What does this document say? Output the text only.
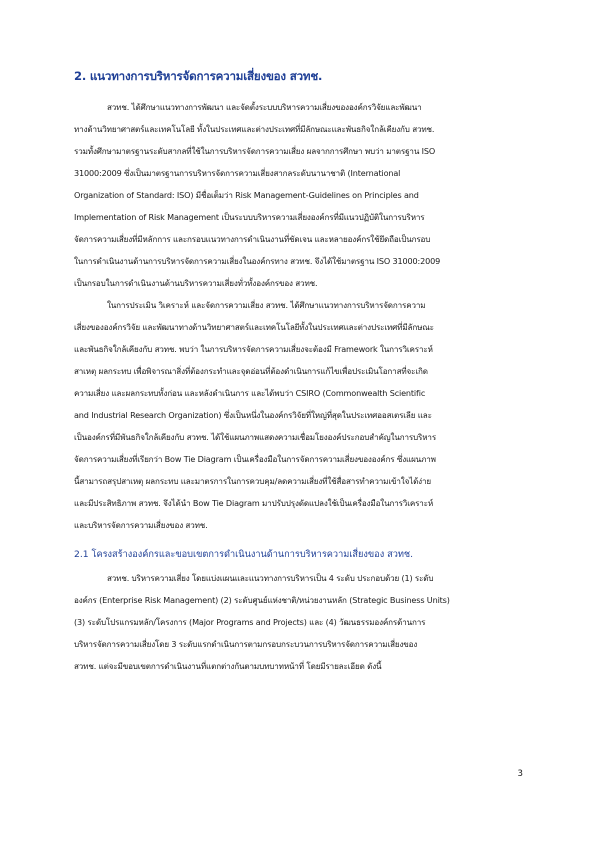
2. แนวทางการบริหารจัดการความเสี่ยงของ สวทช.
สวทช. ได้ศึกษาแนวทางการพัฒนา และจัดตั้งระบบบริหารความเสี่ยงขององค์กรวิจัยและพัฒนา
ทางด้านวิทยาศาสตร์และเทคโนโลยี ทั้งในประเทศและต่างประเทศที่มีลักษณะและพันธกิจใกล้เคียงกับ สวทช.
รวมทั้งศึกษามาตรฐานระดับสากลที่ใช้ในการบริหารจัดการความเสี่ยง ผลจากการศึกษา พบว่า มาตรฐาน ISO
31000:2009 ซึ่งเป็นมาตรฐานการบริหารจัดการความเสี่ยงสากลระดับนานาชาติ (International
Organization of Standard: ISO) มีชื่อเต็มว่า Risk Management-Guidelines on Principles and
Implementation of Risk Management เป็นระบบบริหารความเสี่ยงองค์กรที่มีแนวปฏิบัติในการบริหาร
จัดการความเสี่ยงที่มีหลักการ และกรอบแนวทางการดำเนินงานที่ชัดเจน และหลายองค์กรใช้ยึดถือเป็นกรอบ
ในการดำเนินงานด้านการบริหารจัดการความเสี่ยงในองค์กรทาง สวทช. จึงได้ใช้มาตรฐาน ISO 31000:2009
เป็นกรอบในการดำเนินงานด้านบริหารความเสี่ยงทั่วทั้งองค์กรของ สวทช.
ในการประเมิน วิเคราะห์ และจัดการความเสี่ยง สวทช. ได้ศึกษาแนวทางการบริหารจัดการความ
เสี่ยงขององค์กรวิจัย และพัฒนาทางด้านวิทยาศาสตร์และเทคโนโลยีทั้งในประเทศและต่างประเทศที่มีลักษณะ
และพันธกิจใกล้เคียงกับ สวทช. พบว่า ในการบริหารจัดการความเสี่ยงจะต้องมี Framework ในการวิเคราะห์
สาเหตุ ผลกระทบ เพื่อพิจารณาสิ่งที่ต้องกระทำและจุดอ่อนที่ต้องดำเนินการแก้ไขเพื่อประเมินโอกาสที่จะเกิด
ความเสี่ยง และผลกระทบทั้งก่อน และหลังดำเนินการ และได้พบว่า CSIRO (Commonwealth Scientific
and Industrial Research Organization) ซึ่งเป็นหนึ่งในองค์กรวิจัยที่ใหญ่ที่สุดในประเทศออสเตรเลีย และ
เป็นองค์กรที่มีพันธกิจใกล้เคียงกับ สวทช. ได้ใช้แผนภาพแสดงความเชื่อมโยงองค์ประกอบสำคัญในการบริหาร
จัดการความเสี่ยงที่เรียกว่า Bow Tie Diagram เป็นเครื่องมือในการจัดการความเสี่ยงขององค์กร ซึ่งแผนภาพ
นี้สามารถสรุปสาเหตุ ผลกระทบ และมาตรการในการควบคุม/ลดความเสี่ยงที่ใช้สื่อสารทำความเข้าใจได้ง่าย
และมีประสิทธิภาพ สวทช. จึงได้นำ Bow Tie Diagram มาปรับปรุงดัดแปลงใช้เป็นเครื่องมือในการวิเคราะห์
และบริหารจัดการความเสี่ยงของ สวทช.
2.1 โครงสร้างองค์กรและขอบเขตการดำเนินงานด้านการบริหารความเสี่ยงของ สวทช.
สวทช. บริหารความเสี่ยง โดยแบ่งแผนและแนวทางการบริหารเป็น 4 ระดับ ประกอบด้วย (1) ระดับ
องค์กร (Enterprise Risk Management) (2) ระดับศูนย์แห่งชาติ/หน่วยงานหลัก (Strategic Business Units)
(3) ระดับโปรแกรมหลัก/โครงการ (Major Programs and Projects) และ (4) วัฒนธรรมองค์กรด้านการ
บริหารจัดการความเสี่ยงโดย 3 ระดับแรกดำเนินการตามกรอบกระบวนการบริหารจัดการความเสี่ยงของ
สวทช. แต่จะมีขอบเขตการดำเนินงานที่แตกต่างกันตามบทบาทหน้าที่ โดยมีรายละเอียด ดังนี้
3
